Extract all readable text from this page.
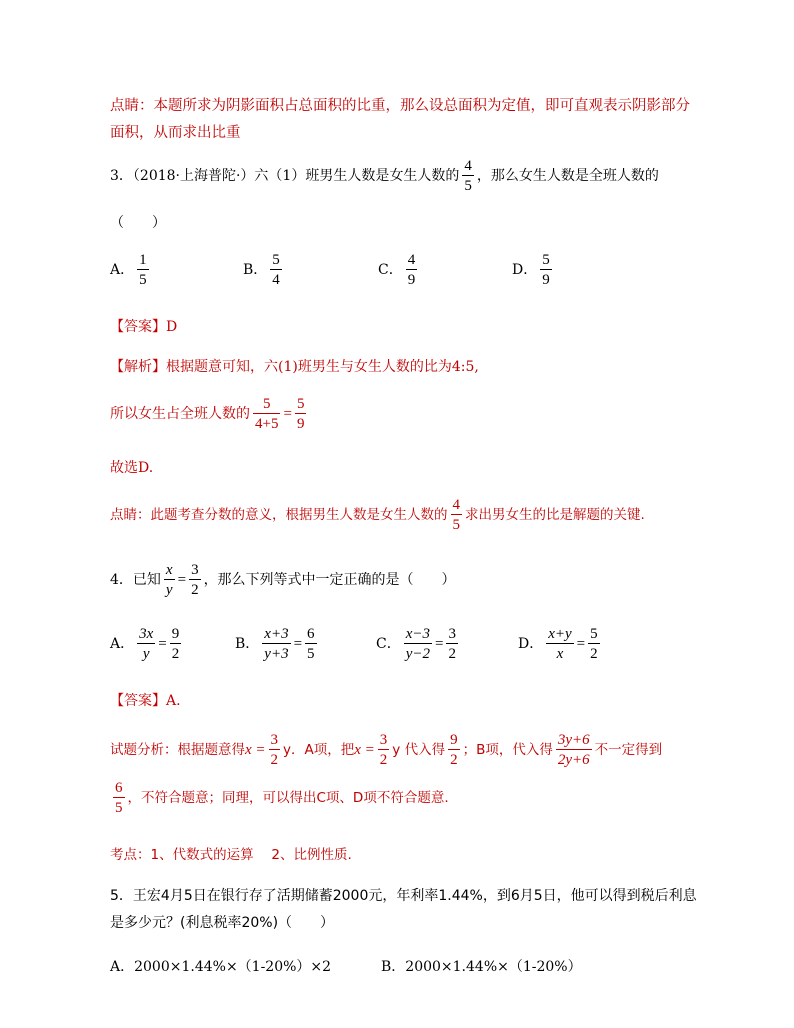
点睛：本题所求为阴影面积占总面积的比重，那么设总面积为定值，即可直观表示阴影部分
面积，从而求出比重
3．（2018·上海普陀·）六（1）班男生人数是女生人数的 $\frac{4}{5}$ ，那么女生人数是全班人数的
（　　）
A． $\frac{1}{5}$	B． $\frac{5}{4}$	C． $\frac{4}{9}$	D． $\frac{5}{9}$
【答案】D
【解析】根据题意可知，六(1)班男生与女生人数的比为4:5,
所以女生占全班人数的 $\frac{5}{4+5} = \frac{5}{9}$
故选D.
点睛：此题考查分数的意义，根据男生人数是女生人数的 $\frac{4}{5}$ 求出男女生的比是解题的关键.
4．已知 $\frac{x}{y} = \frac{3}{2}$ ，那么下列等式中一定正确的是（　　）
A． $\frac{3x}{y} = \frac{9}{2}$	B． $\frac{x+3}{y+3} = \frac{6}{5}$	C． $\frac{x-3}{y-2} = \frac{3}{2}$	D． $\frac{x+y}{x} = \frac{5}{2}$
【答案】A.
试题分析：根据题意得$x = \frac{3}{2}$ y．A项，把$x = \frac{3}{2}$ y 代入得 $\frac{9}{2}$ ；B项，代入得 $\frac{3y+6}{2y+6}$ 不一定得到
$\frac{6}{5}$ ，不符合题意；同理，可以得出C项、D项不符合题意.
考点：1、代数式的运算　 2、比例性质.
5．王宏4月5日在银行存了活期储蓄2000元，年利率1.44%，到6月5日，他可以得到税后利息
是多少元？(利息税率20%)（　　）
A．2000×1.44%×（1-20%）×2	B．2000×1.44%×（1-20%）
